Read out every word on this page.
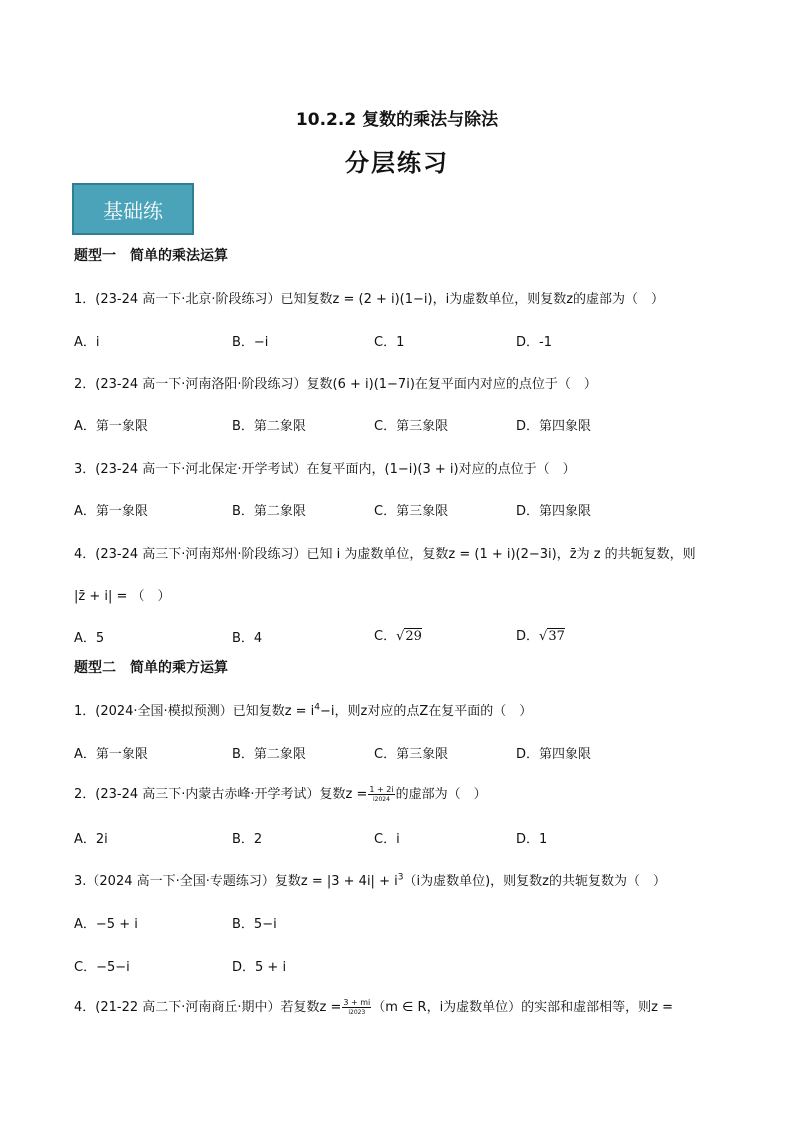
10.2.2 复数的乘法与除法
分层练习
基础练
题型一　简单的乘法运算
1．(23-24 高一下·北京·阶段练习）已知复数z = (2 + i)(1−i)，i为虚数单位，则复数z的虚部为（　）
A．i	B．−i	C．1	D．-1
2．(23-24 高一下·河南洛阳·阶段练习）复数(6 + i)(1−7i)在复平面内对应的点位于（　）
A．第一象限	B．第二象限	C．第三象限	D．第四象限
3．(23-24 高一下·河北保定·开学考试）在复平面内，(1−i)(3 + i)对应的点位于（　）
A．第一象限	B．第二象限	C．第三象限	D．第四象限
4．(23-24 高三下·河南郑州·阶段练习）已知 i 为虚数单位，复数z = (1 + i)(2−3i)，z̄为 z 的共轭复数，则
|z̄ + i| = （　）
A．5	B．4	C．√29	D．√37
题型二　简单的乘方运算
1．(2024·全国·模拟预测）已知复数$z = i^4-i$，则z对应的点Z在复平面的（　）
A．第一象限	B．第二象限	C．第三象限	D．第四象限
2．(23-24 高三下·内蒙古赤峰·开学考试）复数$z = \frac{1 + 2i}{i2024}$ 的虚部为（　）
A．2i	B．2	C．i	D．1
3.（2024 高一下·全国·专题练习）复数$z = |3 + 4i| + i^3(i$为虚数单位)，则复数z的共轭复数为（　）
A．−5 + i	B．5−i
C．−5−i	D．5 + i
4．(21-22 高二下·河南商丘·期中）若复数$z = \frac{3 + mi}{i2023} (m$ ∈ R，i为虚数单位）的实部和虚部相等，则z =
